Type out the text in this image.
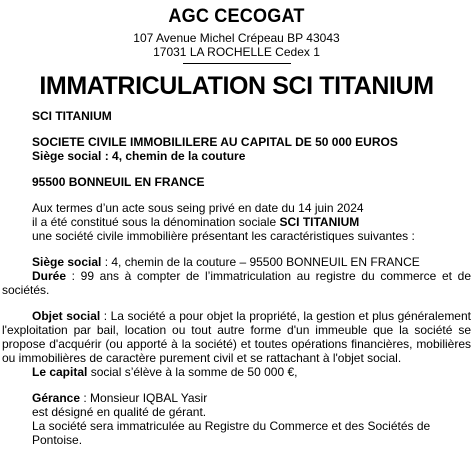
AGC CECOGAT
107 Avenue Michel Crépeau BP 43043
17031 LA ROCHELLE Cedex 1
IMMATRICULATION SCI TITANIUM
SCI TITANIUM
SOCIETE CIVILE IMMOBILILERE AU CAPITAL DE 50 000 EUROS
Siège social : 4, chemin de la couture
95500 BONNEUIL EN FRANCE
Aux termes d’un acte sous seing privé en date du 14 juin 2024
il a été constitué sous la dénomination sociale SCI TITANIUM
une société civile immobilière présentant les caractéristiques suivantes :
Siège social : 4, chemin de la couture – 95500 BONNEUIL EN FRANCE
Durée : 99 ans à compter de l’immatriculation au registre du commerce et de sociétés.
Objet social : La société a pour objet la propriété, la gestion et plus généralement l'exploitation par bail, location ou tout autre forme d'un immeuble que la société se propose d'acquérir (ou apporté à la société) et toutes opérations financières, mobilières ou immobilières de caractère purement civil et se rattachant à l'objet social.
Le capital social s’élève à la somme de 50 000 €,
Gérance : Monsieur IQBAL Yasir
est désigné en qualité de gérant.
La société sera immatriculée au Registre du Commerce et des Sociétés de Pontoise.
